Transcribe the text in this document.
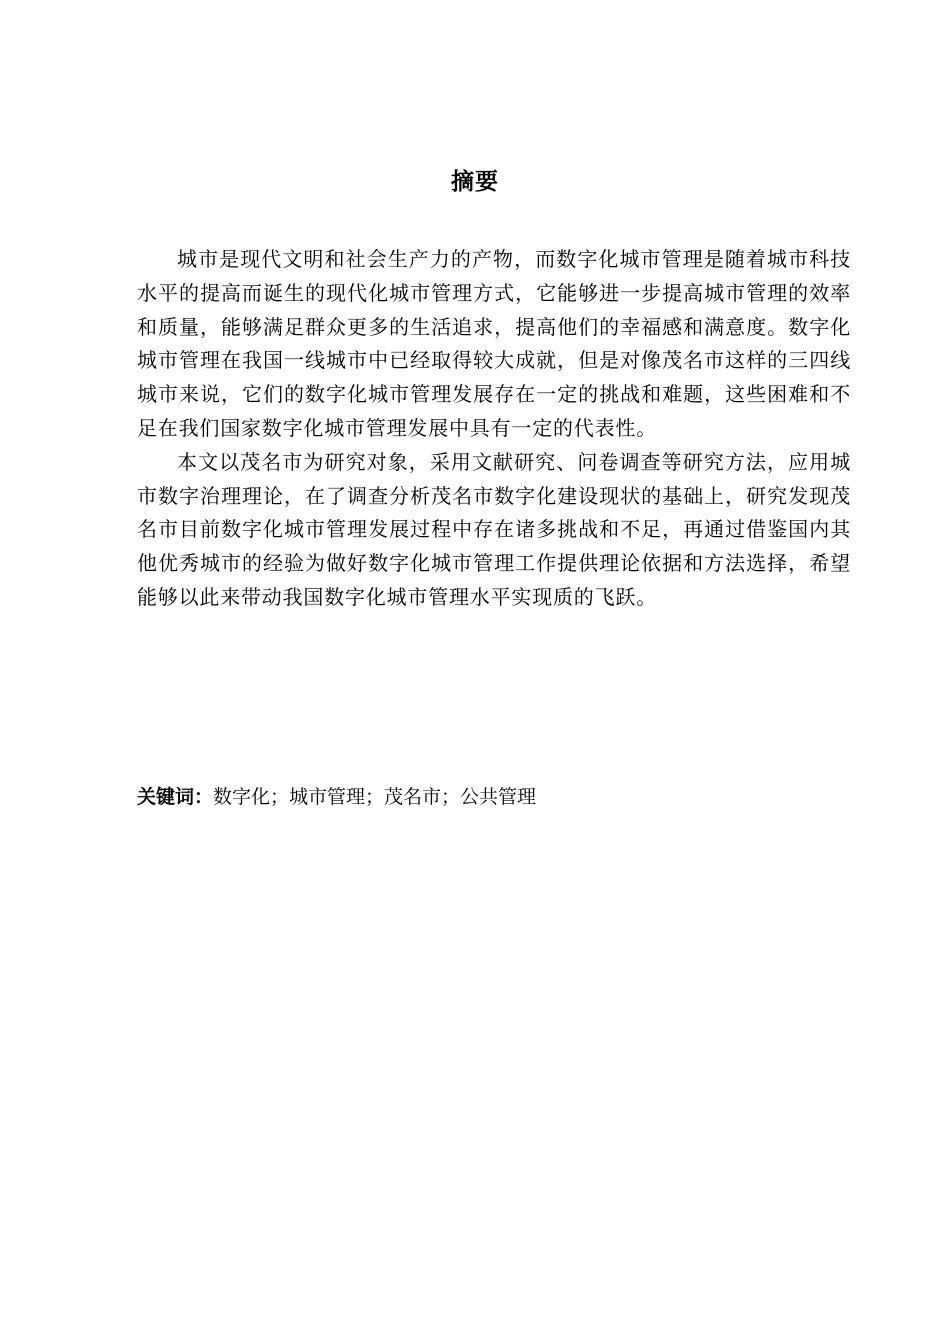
摘要

城市是现代文明和社会生产力的产物，而数字化城市管理是随着城市科技水平的提高而诞生的现代化城市管理方式，它能够进一步提高城市管理的效率和质量，能够满足群众更多的生活追求，提高他们的幸福感和满意度。数字化城市管理在我国一线城市中已经取得较大成就，但是对像茂名市这样的三四线城市来说，它们的数字化城市管理发展存在一定的挑战和难题，这些困难和不足在我们国家数字化城市管理发展中具有一定的代表性。

本文以茂名市为研究对象，采用文献研究、问卷调查等研究方法，应用城市数字治理理论，在了调查分析茂名市数字化建设现状的基础上，研究发现茂名市目前数字化城市管理发展过程中存在诸多挑战和不足，再通过借鉴国内其他优秀城市的经验为做好数字化城市管理工作提供理论依据和方法选择，希望能够以此来带动我国数字化城市管理水平实现质的飞跃。

关键词：数字化；城市管理；茂名市；公共管理
